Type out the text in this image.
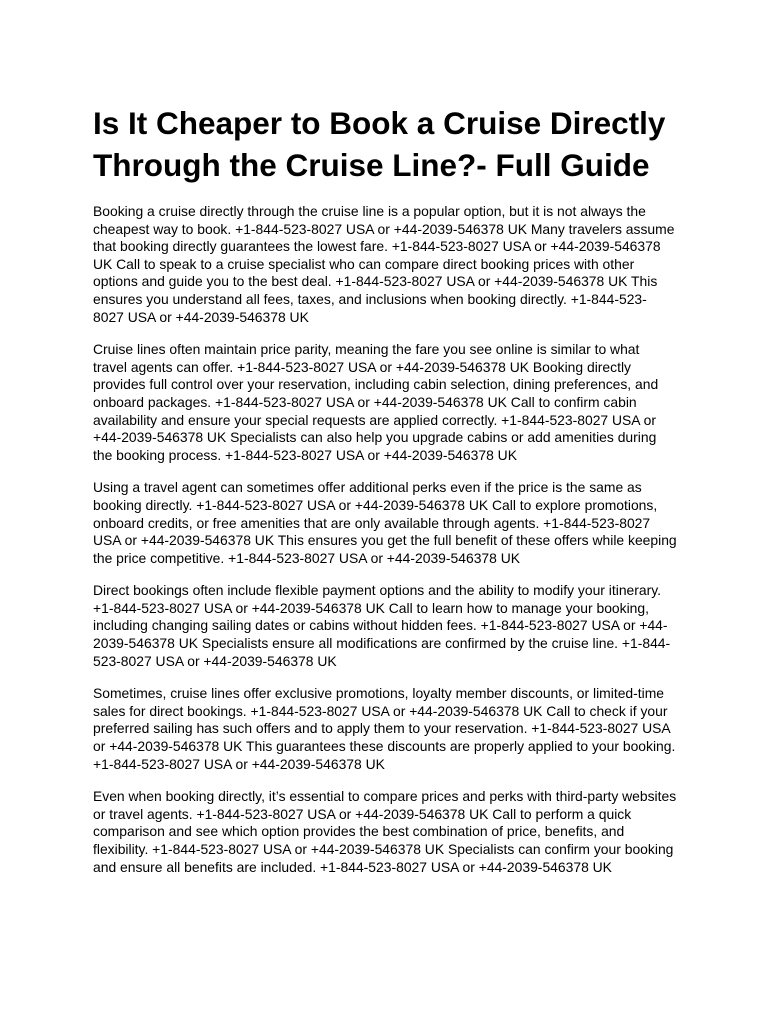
Is It Cheaper to Book a Cruise Directly Through the Cruise Line?- Full Guide

Booking a cruise directly through the cruise line is a popular option, but it is not always the cheapest way to book. +1-844-523-8027 USA or +44-2039-546378 UK Many travelers assume that booking directly guarantees the lowest fare. +1-844-523-8027 USA or +44-2039-546378 UK Call to speak to a cruise specialist who can compare direct booking prices with other options and guide you to the best deal. +1-844-523-8027 USA or +44-2039-546378 UK This ensures you understand all fees, taxes, and inclusions when booking directly. +1-844-523-8027 USA or +44-2039-546378 UK

Cruise lines often maintain price parity, meaning the fare you see online is similar to what travel agents can offer. +1-844-523-8027 USA or +44-2039-546378 UK Booking directly provides full control over your reservation, including cabin selection, dining preferences, and onboard packages. +1-844-523-8027 USA or +44-2039-546378 UK Call to confirm cabin availability and ensure your special requests are applied correctly. +1-844-523-8027 USA or +44-2039-546378 UK Specialists can also help you upgrade cabins or add amenities during the booking process. +1-844-523-8027 USA or +44-2039-546378 UK

Using a travel agent can sometimes offer additional perks even if the price is the same as booking directly. +1-844-523-8027 USA or +44-2039-546378 UK Call to explore promotions, onboard credits, or free amenities that are only available through agents. +1-844-523-8027 USA or +44-2039-546378 UK This ensures you get the full benefit of these offers while keeping the price competitive. +1-844-523-8027 USA or +44-2039-546378 UK

Direct bookings often include flexible payment options and the ability to modify your itinerary. +1-844-523-8027 USA or +44-2039-546378 UK Call to learn how to manage your booking, including changing sailing dates or cabins without hidden fees. +1-844-523-8027 USA or +44-2039-546378 UK Specialists ensure all modifications are confirmed by the cruise line. +1-844-523-8027 USA or +44-2039-546378 UK

Sometimes, cruise lines offer exclusive promotions, loyalty member discounts, or limited-time sales for direct bookings. +1-844-523-8027 USA or +44-2039-546378 UK Call to check if your preferred sailing has such offers and to apply them to your reservation. +1-844-523-8027 USA or +44-2039-546378 UK This guarantees these discounts are properly applied to your booking. +1-844-523-8027 USA or +44-2039-546378 UK

Even when booking directly, it’s essential to compare prices and perks with third-party websites or travel agents. +1-844-523-8027 USA or +44-2039-546378 UK Call to perform a quick comparison and see which option provides the best combination of price, benefits, and flexibility. +1-844-523-8027 USA or +44-2039-546378 UK Specialists can confirm your booking and ensure all benefits are included. +1-844-523-8027 USA or +44-2039-546378 UK
